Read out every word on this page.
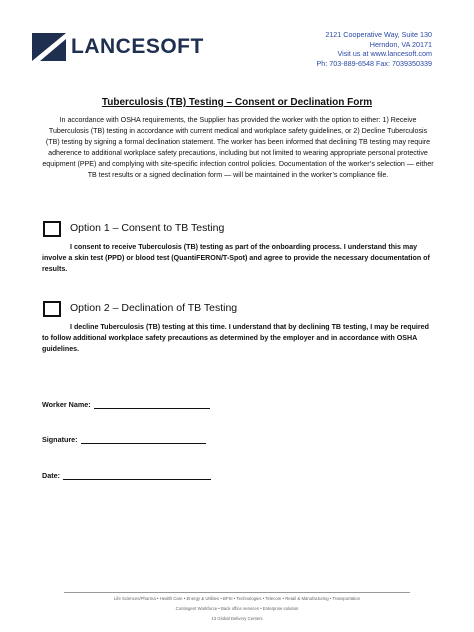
LANCESOFT
2121 Cooperative Way, Suite 130
Herndon, VA 20171
Visit us at www.lancesoft.com
Ph: 703-889-6548 Fax: 7039350339
Tuberculosis (TB) Testing – Consent or Declination Form
In accordance with OSHA requirements, the Supplier has provided the worker with the option to either: 1) Receive Tuberculosis (TB) testing in accordance with current medical and workplace safety guidelines, or 2) Decline Tuberculosis (TB) testing by signing a formal declination statement. The worker has been informed that declining TB testing may require adherence to additional workplace safety precautions, including but not limited to wearing appropriate personal protective equipment (PPE) and complying with site-specific infection control policies. Documentation of the worker’s selection — either TB test results or a signed declination form — will be maintained in the worker’s compliance file.
Option 1 – Consent to TB Testing
I consent to receive Tuberculosis (TB) testing as part of the onboarding process. I understand this may involve a skin test (PPD) or blood test (QuantiFERON/T-Spot) and agree to provide the necessary documentation of results.
Option 2 – Declination of TB Testing
I decline Tuberculosis (TB) testing at this time. I understand that by declining TB testing, I may be required to follow additional workplace safety precautions as determined by the employer and in accordance with OSHA guidelines.
Worker Name:
Signature:
Date:
Life Sciences/Pharma • Health Care • Energy & Utilities • BFSI • Technologies • Telecom • Retail & Manufacturing • Transportation
Contingent Workforce • Back office services • Enterprise solution
13 Global Delivery Centers
